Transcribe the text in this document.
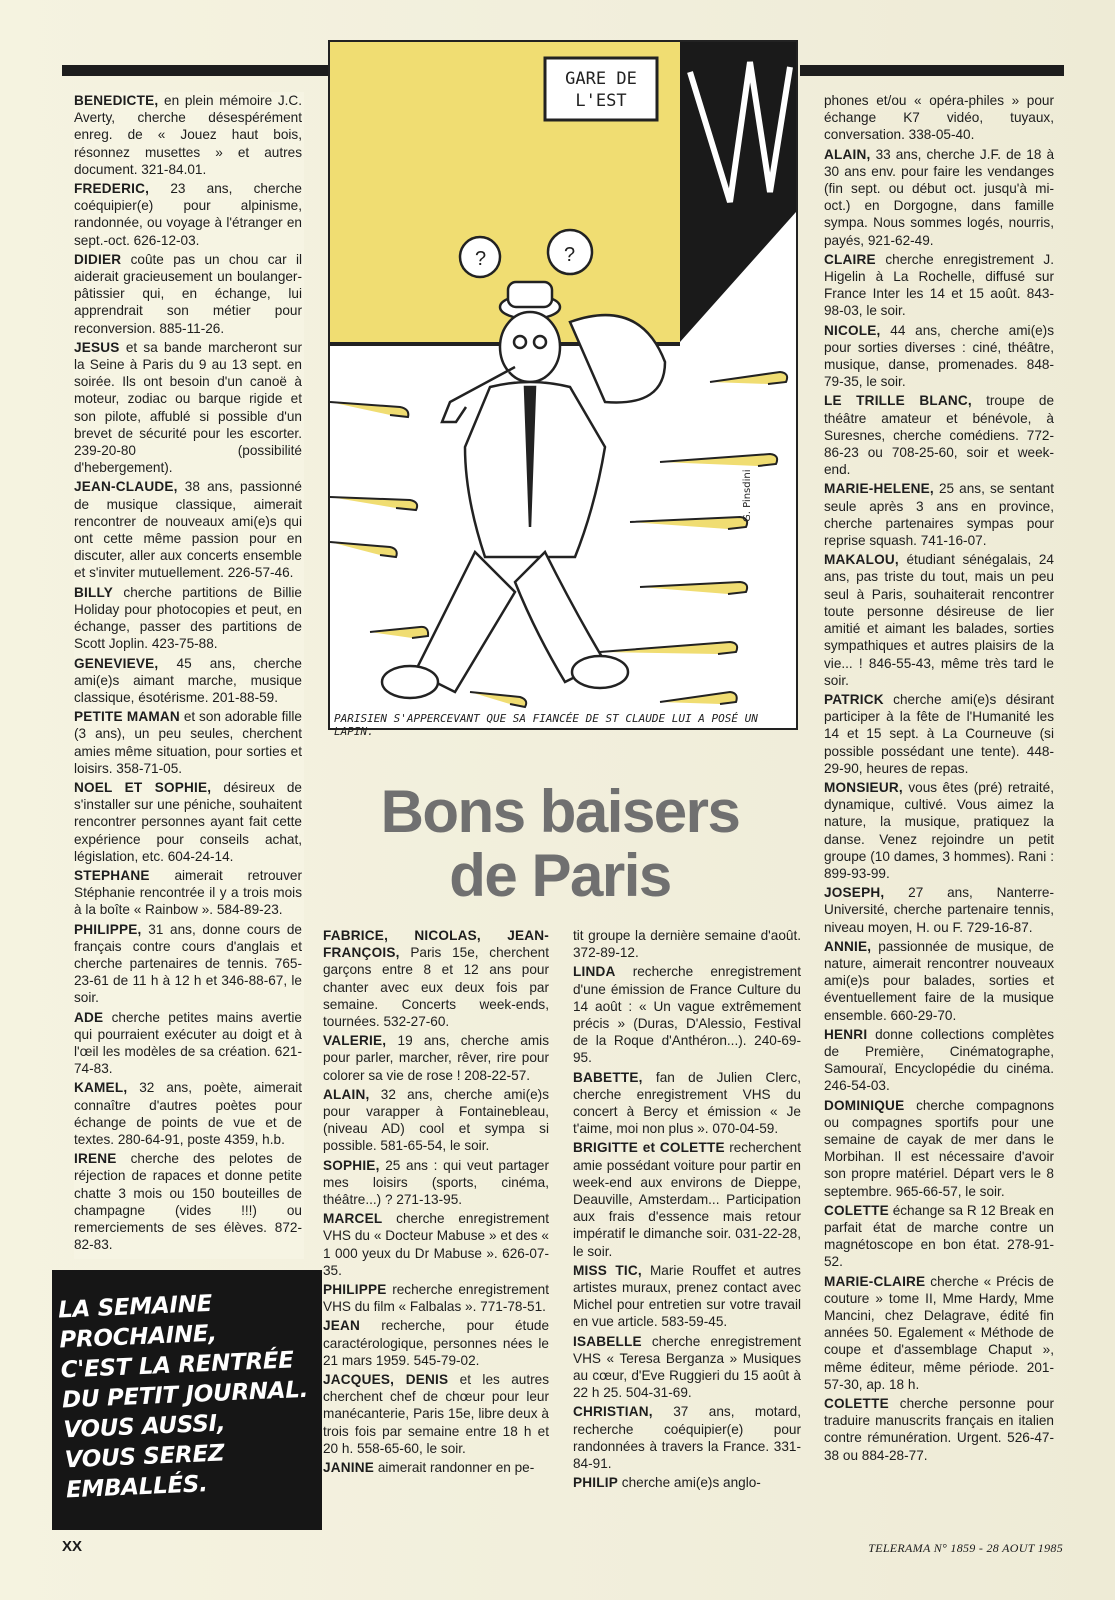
BENEDICTE, en plein mémoire J.C. Averty, cherche désespérément enreg. de « Jouez haut bois, résonnez musettes » et autres document. 321-84.01.
FREDERIC, 23 ans, cherche coéquipier(e) pour alpinisme, randonnée, ou voyage à l'étranger en sept.-oct. 626-12-03.
DIDIER coûte pas un chou car il aiderait gracieusement un boulanger-pâtissier qui, en échange, lui apprendrait son métier pour reconversion. 885-11-26.
JESUS et sa bande marcheront sur la Seine à Paris du 9 au 13 sept. en soirée. Ils ont besoin d'un canoë à moteur, zodiac ou barque rigide et son pilote, affublé si possible d'un brevet de sécurité pour les escorter. 239-20-80 (possibilité d'hebergement).
JEAN-CLAUDE, 38 ans, passionné de musique classique, aimerait rencontrer de nouveaux ami(e)s qui ont cette même passion pour en discuter, aller aux concerts ensemble et s'inviter mutuellement. 226-57-46.
BILLY cherche partitions de Billie Holiday pour photocopies et peut, en échange, passer des partitions de Scott Joplin. 423-75-88.
GENEVIEVE, 45 ans, cherche ami(e)s aimant marche, musique classique, ésotérisme. 201-88-59.
PETITE MAMAN et son adorable fille (3 ans), un peu seules, cherchent amies même situation, pour sorties et loisirs. 358-71-05.
NOEL ET SOPHIE, désireux de s'installer sur une péniche, souhaitent rencontrer personnes ayant fait cette expérience pour conseils achat, législation, etc. 604-24-14.
STEPHANE aimerait retrouver Stéphanie rencontrée il y a trois mois à la boîte « Rainbow ». 584-89-23.
PHILIPPE, 31 ans, donne cours de français contre cours d'anglais et cherche partenaires de tennis. 765-23-61 de 11 h à 12 h et 346-88-67, le soir.
ADE cherche petites mains avertie qui pourraient exécuter au doigt et à l'œil les modèles de sa création. 621-74-83.
KAMEL, 32 ans, poète, aimerait connaître d'autres poètes pour échange de points de vue et de textes. 280-64-91, poste 4359, h.b.
IRENE cherche des pelotes de réjection de rapaces et donne petite chatte 3 mois ou 150 bouteilles de champagne (vides !!!) ou remerciements de ses élèves. 872-82-83.
FABRICE, NICOLAS, JEAN-FRANÇOIS, Paris 15e, cherchent garçons entre 8 et 12 ans pour chanter avec eux deux fois par semaine. Concerts week-ends, tournées. 532-27-60.
VALERIE, 19 ans, cherche amis pour parler, marcher, rêver, rire pour colorer sa vie de rose ! 208-22-57.
ALAIN, 32 ans, cherche ami(e)s pour varapper à Fontainebleau, (niveau AD) cool et sympa si possible. 581-65-54, le soir.
SOPHIE, 25 ans : qui veut partager mes loisirs (sports, cinéma, théâtre...) ? 271-13-95.
MARCEL cherche enregistrement VHS du « Docteur Mabuse » et des « 1 000 yeux du Dr Mabuse ». 626-07-35.
PHILIPPE recherche enregistrement VHS du film « Falbalas ». 771-78-51.
JEAN recherche, pour étude caractérologique, personnes nées le 21 mars 1959. 545-79-02.
JACQUES, DENIS et les autres cherchent chef de chœur pour leur manécanterie, Paris 15e, libre deux à trois fois par semaine entre 18 h et 20 h. 558-65-60, le soir.
JANINE aimerait randonner en pe-
tit groupe la dernière semaine d'août. 372-89-12.
LINDA recherche enregistrement d'une émission de France Culture du 14 août : « Un vague extrêmement précis » (Duras, D'Alessio, Festival de la Roque d'Anthéron...). 240-69-95.
BABETTE, fan de Julien Clerc, cherche enregistrement VHS du concert à Bercy et émission « Je t'aime, moi non plus ». 070-04-59.
BRIGITTE et COLETTE recherchent amie possédant voiture pour partir en week-end aux environs de Dieppe, Deauville, Amsterdam... Participation aux frais d'essence mais retour impératif le dimanche soir. 031-22-28, le soir.
MISS TIC, Marie Rouffet et autres artistes muraux, prenez contact avec Michel pour entretien sur votre travail en vue article. 583-59-45.
ISABELLE cherche enregistrement VHS « Teresa Berganza » Musiques au cœur, d'Eve Ruggieri du 15 août à 22 h 25. 504-31-69.
CHRISTIAN, 37 ans, motard, recherche coéquipier(e) pour randonnées à travers la France. 331-84-91.
PHILIP cherche ami(e)s anglo-
phones et/ou « opéra-philes » pour échange K7 vidéo, tuyaux, conversation. 338-05-40.
ALAIN, 33 ans, cherche J.F. de 18 à 30 ans env. pour faire les vendanges (fin sept. ou début oct. jusqu'à mi-oct.) en Dorgogne, dans famille sympa. Nous sommes logés, nourris, payés, 921-62-49.
CLAIRE cherche enregistrement J. Higelin à La Rochelle, diffusé sur France Inter les 14 et 15 août. 843-98-03, le soir.
NICOLE, 44 ans, cherche ami(e)s pour sorties diverses : ciné, théâtre, musique, danse, promenades. 848-79-35, le soir.
LE TRILLE BLANC, troupe de théâtre amateur et bénévole, à Suresnes, cherche comédiens. 772-86-23 ou 708-25-60, soir et week-end.
MARIE-HELENE, 25 ans, se sentant seule après 3 ans en province, cherche partenaires sympas pour reprise squash. 741-16-07.
MAKALOU, étudiant sénégalais, 24 ans, pas triste du tout, mais un peu seul à Paris, souhaiterait rencontrer toute personne désireuse de lier amitié et aimant les balades, sorties sympathiques et autres plaisirs de la vie... ! 846-55-43, même très tard le soir.
PATRICK cherche ami(e)s désirant participer à la fête de l'Humanité les 14 et 15 sept. à La Courneuve (si possible possédant une tente). 448-29-90, heures de repas.
MONSIEUR, vous êtes (pré) retraité, dynamique, cultivé. Vous aimez la nature, la musique, pratiquez la danse. Venez rejoindre un petit groupe (10 dames, 3 hommes). Rani : 899-93-99.
JOSEPH, 27 ans, Nanterre-Université, cherche partenaire tennis, niveau moyen, H. ou F. 729-16-87.
ANNIE, passionnée de musique, de nature, aimerait rencontrer nouveaux ami(e)s pour balades, sorties et éventuellement faire de la musique ensemble. 660-29-70.
HENRI donne collections complètes de Première, Cinématographe, Samouraï, Encyclopédie du cinéma. 246-54-03.
DOMINIQUE cherche compagnons ou compagnes sportifs pour une semaine de cayak de mer dans le Morbihan. Il est nécessaire d'avoir son propre matériel. Départ vers le 8 septembre. 965-66-57, le soir.
COLETTE échange sa R 12 Break en parfait état de marche contre un magnétoscope en bon état. 278-91-52.
MARIE-CLAIRE cherche « Précis de couture » tome II, Mme Hardy, Mme Mancini, chez Delagrave, édité fin années 50. Egalement « Méthode de coupe et d'assemblage Chaput », même éditeur, même période. 201-57-30, ap. 18 h.
COLETTE cherche personne pour traduire manuscrits français en italien contre rémunération. Urgent. 526-47-38 ou 884-28-77.
GARE DE
L'EST
?	?
G. Pinsdini
PARISIEN S'APPERCEVANT QUE SA FIANCÉE DE ST CLAUDE LUI A POSÉ UN LAPIN.
Bons baisers
de Paris
LA SEMAINE
PROCHAINE,
C'EST LA RENTRÉE
DU PETIT JOURNAL.
VOUS AUSSI,
VOUS SEREZ
EMBALLÉS.
XX	TELERAMA N° 1859 - 28 AOUT 1985
